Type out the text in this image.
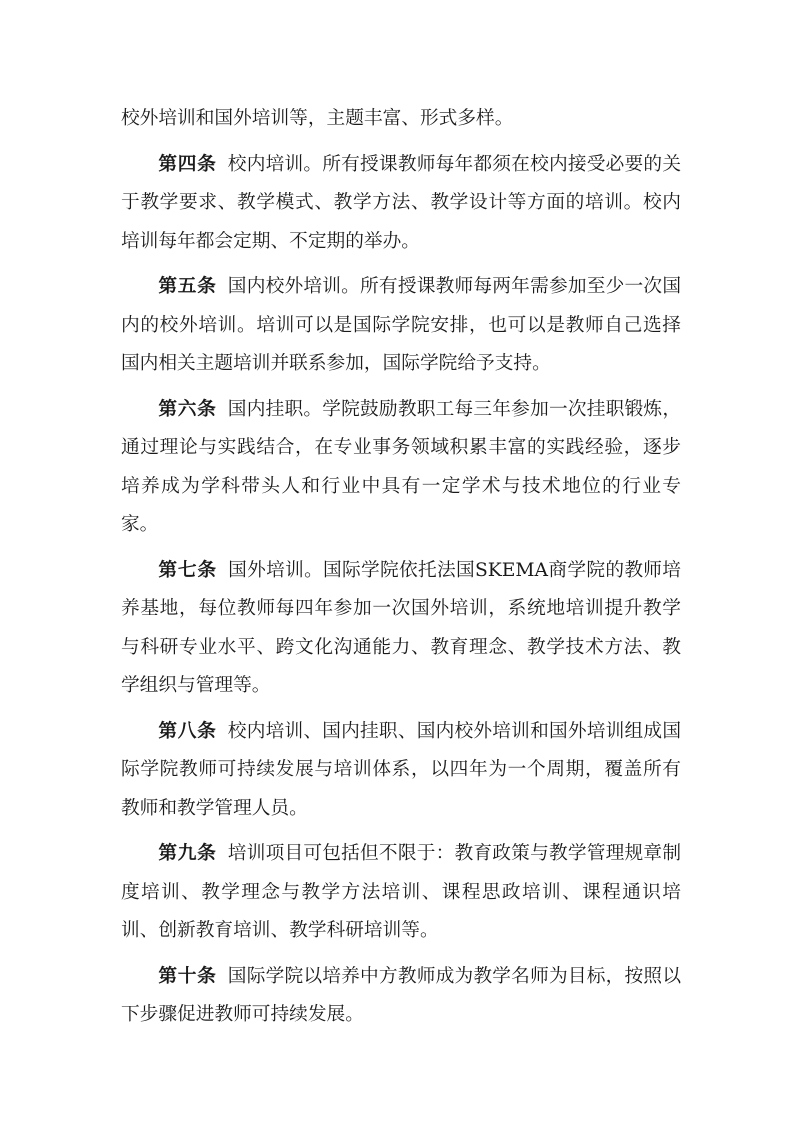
校外培训和国外培训等，主题丰富、形式多样。

第四条 校内培训。所有授课教师每年都须在校内接受必要的关于教学要求、教学模式、教学方法、教学设计等方面的培训。校内培训每年都会定期、不定期的举办。

第五条 国内校外培训。所有授课教师每两年需参加至少一次国内的校外培训。培训可以是国际学院安排，也可以是教师自己选择国内相关主题培训并联系参加，国际学院给予支持。

第六条 国内挂职。学院鼓励教职工每三年参加一次挂职锻炼，通过理论与实践结合，在专业事务领域积累丰富的实践经验，逐步培养成为学科带头人和行业中具有一定学术与技术地位的行业专家。

第七条 国外培训。国际学院依托法国SKEMA商学院的教师培养基地，每位教师每四年参加一次国外培训，系统地培训提升教学与科研专业水平、跨文化沟通能力、教育理念、教学技术方法、教学组织与管理等。

第八条 校内培训、国内挂职、国内校外培训和国外培训组成国际学院教师可持续发展与培训体系，以四年为一个周期，覆盖所有教师和教学管理人员。

第九条 培训项目可包括但不限于：教育政策与教学管理规章制度培训、教学理念与教学方法培训、课程思政培训、课程通识培训、创新教育培训、教学科研培训等。

第十条 国际学院以培养中方教师成为教学名师为目标，按照以下步骤促进教师可持续发展。
